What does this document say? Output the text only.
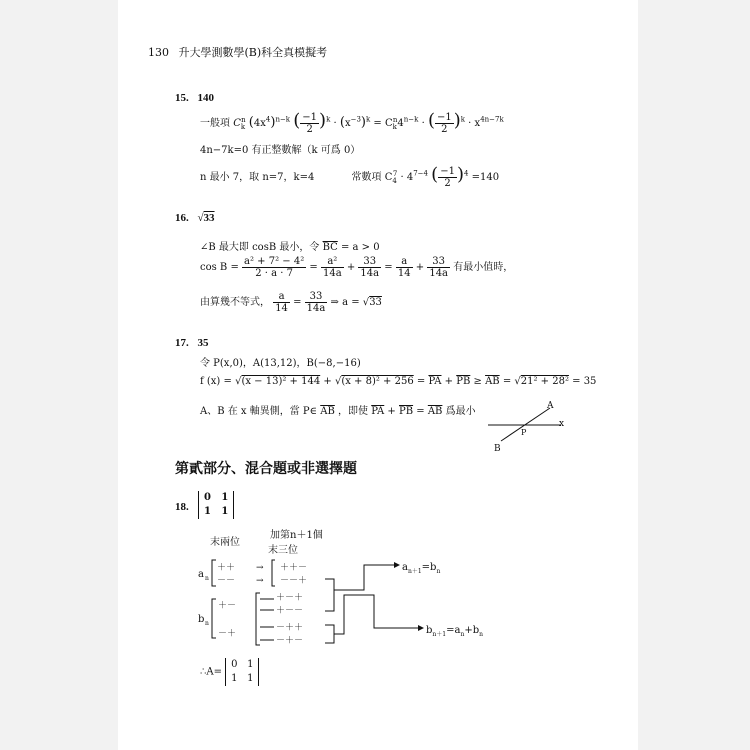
130 升大學測數學(B)科全真模擬考
15. 140
一般項 $C_k^n$ $(4x^4)^{n-k}$ ( $\frac{-1}{2} )^k \cdot (x^{-3})^k = C_k^n4^{n-k}$ · ( $\frac{-1}{2} )^k \cdot x^{4n-7k}$
4n−7k=0 有正整數解（k 可爲 0）
n 最小 7，取 n=7，k=4	常數項 $C_4^7 \cdot 4^{7-4}$ ( $\frac{-1}{2} )^4 =140$
16. √33
∠B 最大即 cosB 最小，令 $\overline{BC} = a > 0$
$\cos B = \frac{\text{a² + 7² − 4²}}{2 \cdot a \cdot 7} = \frac{\text{a²}}{14a} + \frac{33}{14a} = \frac{a}{14} + \frac{33}{14a}$ 有最小值時，
由算幾不等式， $\frac{a}{14} = \frac{33}{14a}$ ⇒ a = √33
17. 35
令 P(x,0)，A(13,12)，B(−8,−16)
f $(x) = √(x - 13)^2 + 144 + √(x + 8)^2 + 256 = \overline{PA} + \overline{PB} \ge \overline{AB} = √21^2 + 28^2 = 35$
A、B 在 x 軸異側，當 P∈ $\overline{AB}$ ，即使 $\overline{PA} + \overline{PB} = \overline{AB}$ 爲最小	A
B
P
x
第貳部分、混合題或非選擇題
18.
0 1
1 1
末兩位
加第n＋1個
末三位
a n
＋＋
－－
→
→
＋＋－
－－＋
b n
＋－
－＋
＋－＋
＋－－
－＋＋
－＋－
$a_{n+1}=b_n$
$b_{n+1}=a_n+b_n$
∴A= 0 1
1 1
